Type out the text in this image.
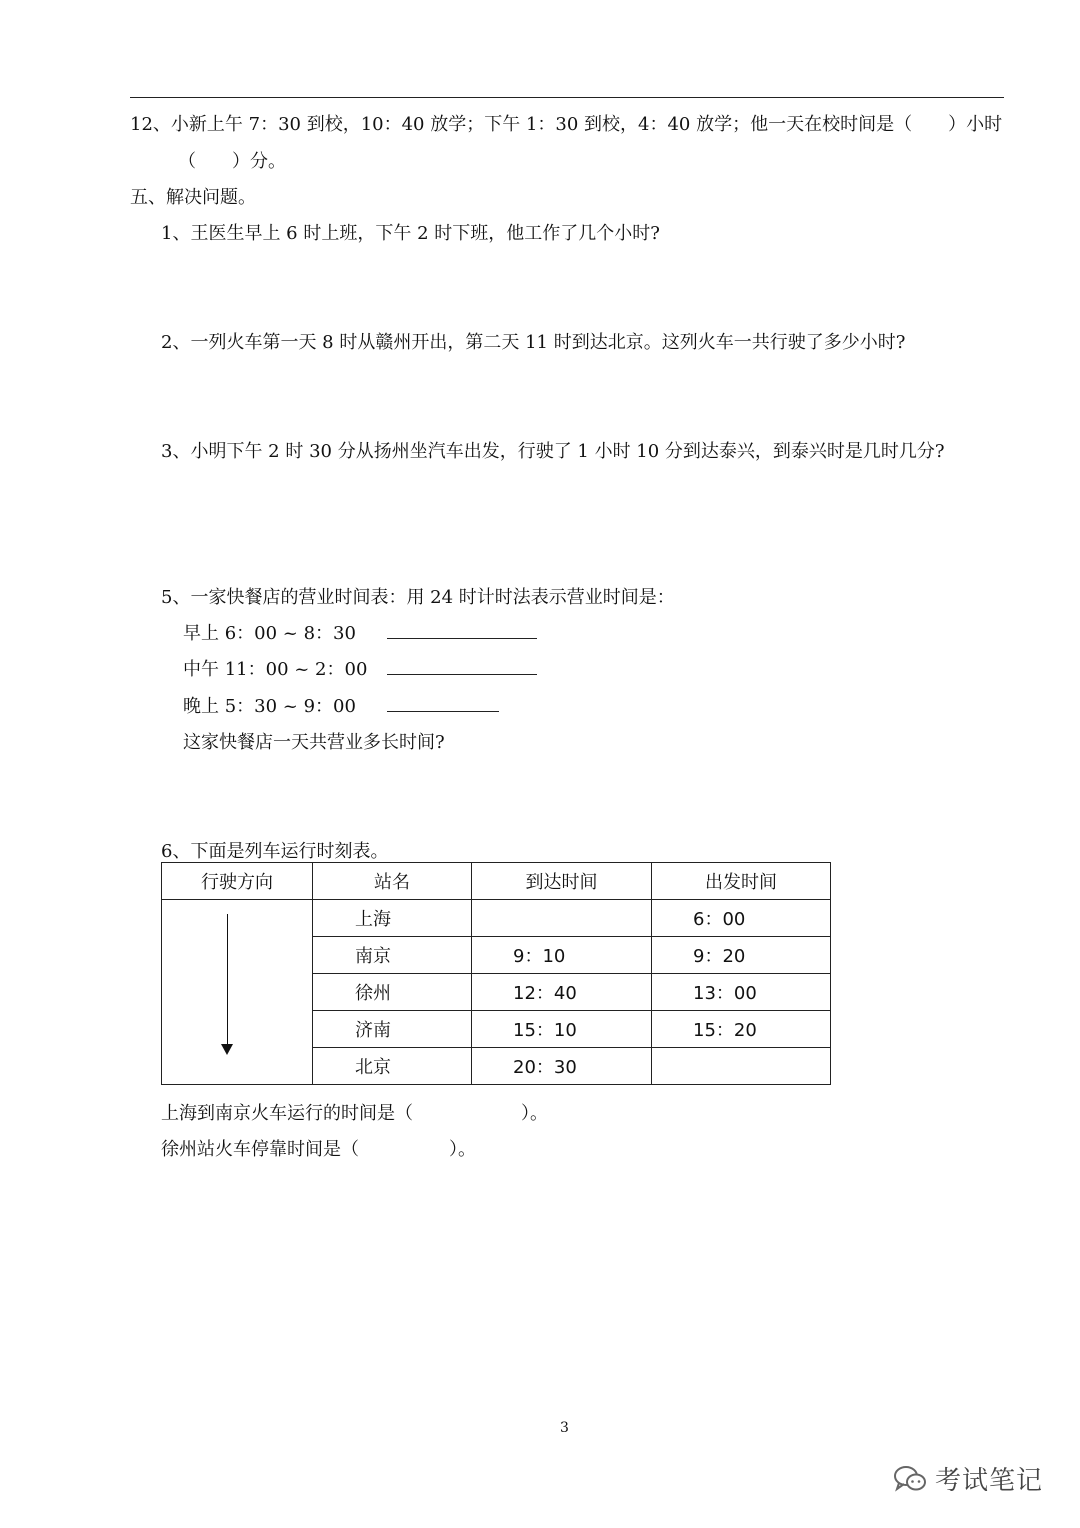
12、小新上午 7：30 到校，10：40 放学；下午 1：30 到校，4：40 放学；他一天在校时间是（　　）小时
（　　）分。
五、解决问题。
1、王医生早上 6 时上班，下午 2 时下班，他工作了几个小时?
2、一列火车第一天 8 时从赣州开出，第二天 11 时到达北京。这列火车一共行驶了多少小时?
3、小明下午 2 时 30 分从扬州坐汽车出发，行驶了 1 小时 10 分到达泰兴，到泰兴时是几时几分?
5、一家快餐店的营业时间表：用 24 时计时法表示营业时间是：
早上 6：00 ~ 8：30
中午 11：00 ~ 2：00
晚上 5：30 ~ 9：00
这家快餐店一天共营业多长时间?
6、下面是列车运行时刻表。
行驶方向	站名	到达时间	出发时间

	上海		6：00
	南京	9：10	9：20
	徐州	12：40	13：00
	济南	15：10	15：20
	北京	20：30	
上海到南京火车运行的时间是（　　　　　　）。
徐州站火车停靠时间是（　　　　　）。
3
考试笔记
